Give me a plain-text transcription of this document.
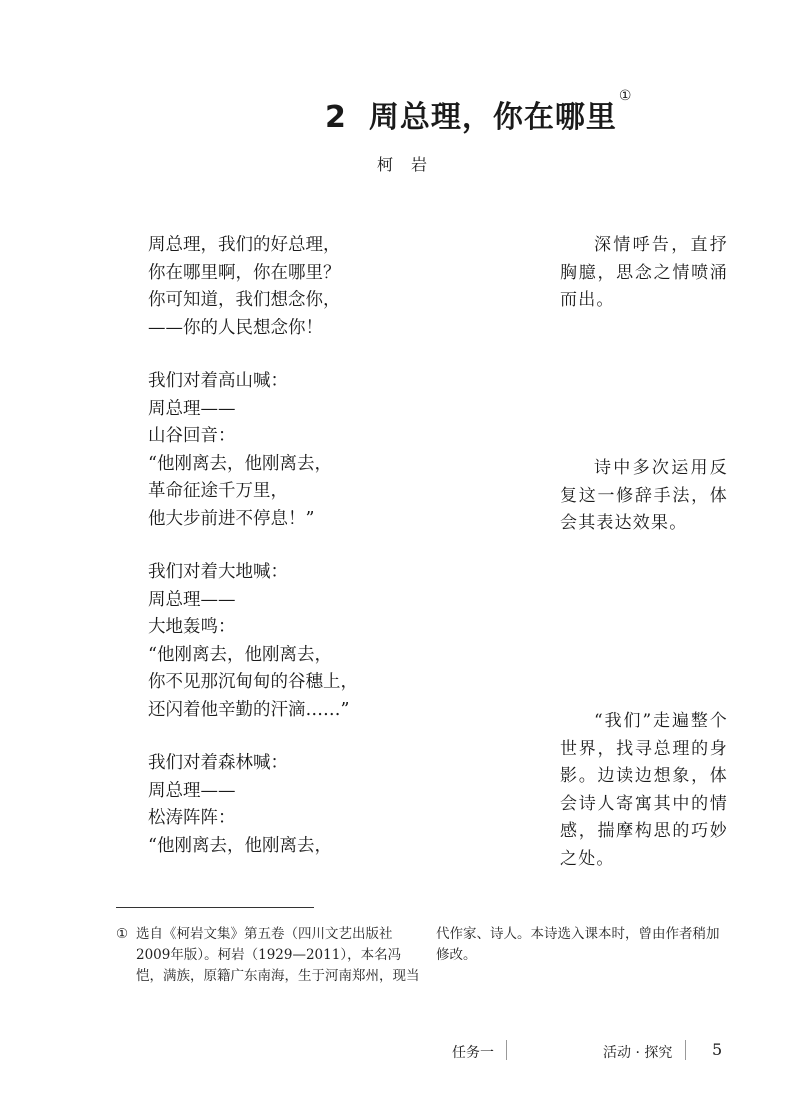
2 周总理，你在哪里①
柯岩
周总理，我们的好总理，
你在哪里啊，你在哪里？
你可知道，我们想念你，
——你的人民想念你！
我们对着高山喊：
周总理——
山谷回音：
“他刚离去，他刚离去，
革命征途千万里，
他大步前进不停息！”
我们对着大地喊：
周总理——
大地轰鸣：
“他刚离去，他刚离去，
你不见那沉甸甸的谷穗上，
还闪着他辛勤的汗滴……”
我们对着森林喊：
周总理——
松涛阵阵：
“他刚离去，他刚离去，
深情呼告，直抒胸臆，思念之情喷涌而出。
诗中多次运用反复这一修辞手法，体会其表达效果。
“我们”走遍整个世界，找寻总理的身影。边读边想象，体会诗人寄寓其中的情感，揣摩构思的巧妙之处。
① 选自《柯岩文集》第五卷（四川文艺出版社2009年版）。柯岩（1929—2011），本名冯恺，满族，原籍广东南海，生于河南郑州，现当
代作家、诗人。本诗选入课本时，曾由作者稍加修改。
任务一	活动 · 探究 5
